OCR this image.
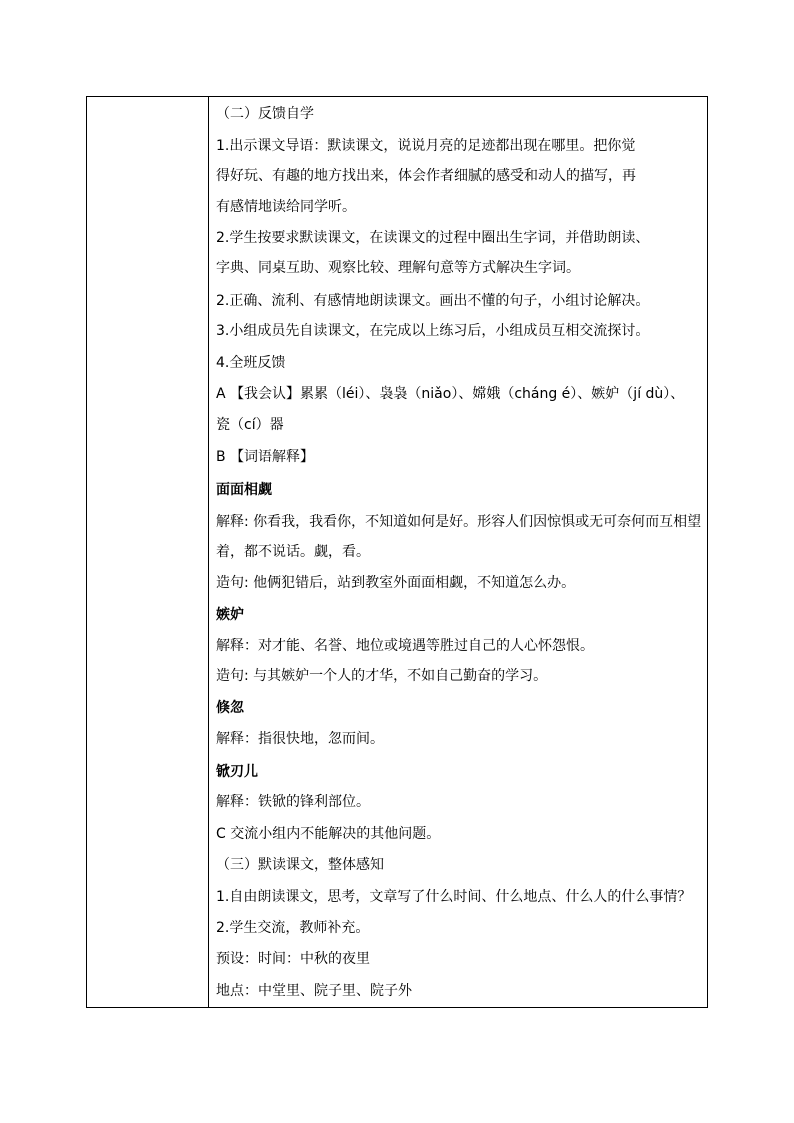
（二）反馈自学
1.出示课文导语：默读课文，说说月亮的足迹都出现在哪里。把你觉
得好玩、有趣的地方找出来，体会作者细腻的感受和动人的描写，再
有感情地读给同学听。
2.学生按要求默读课文，在读课文的过程中圈出生字词，并借助朗读、
字典、同桌互助、观察比较、理解句意等方式解决生字词。
2.正确、流利、有感情地朗读课文。画出不懂的句子，小组讨论解决。
3.小组成员先自读课文，在完成以上练习后，小组成员互相交流探讨。
4.全班反馈
A 【我会认】累累（léi）、袅袅（niǎo）、嫦娥（cháng é）、嫉妒（jí dù）、
瓷（cí）器
B 【词语解释】
面面相觑
解释: 你看我，我看你，不知道如何是好。形容人们因惊惧或无可奈何而互相望
着，都不说话。觑，看。
造句: 他俩犯错后，站到教室外面面相觑，不知道怎么办。
嫉妒
解释：对才能、名誉、地位或境遇等胜过自己的人心怀怨恨。
造句: 与其嫉妒一个人的才华，不如自己勤奋的学习。
倏忽
解释：指很快地，忽而间。
锨刃儿
解释：铁锨的锋利部位。
C 交流小组内不能解决的其他问题。
（三）默读课文，整体感知
1.自由朗读课文，思考，文章写了什么时间、什么地点、什么人的什么事情？
2.学生交流，教师补充。
预设：时间：中秋的夜里
地点：中堂里、院子里、院子外
